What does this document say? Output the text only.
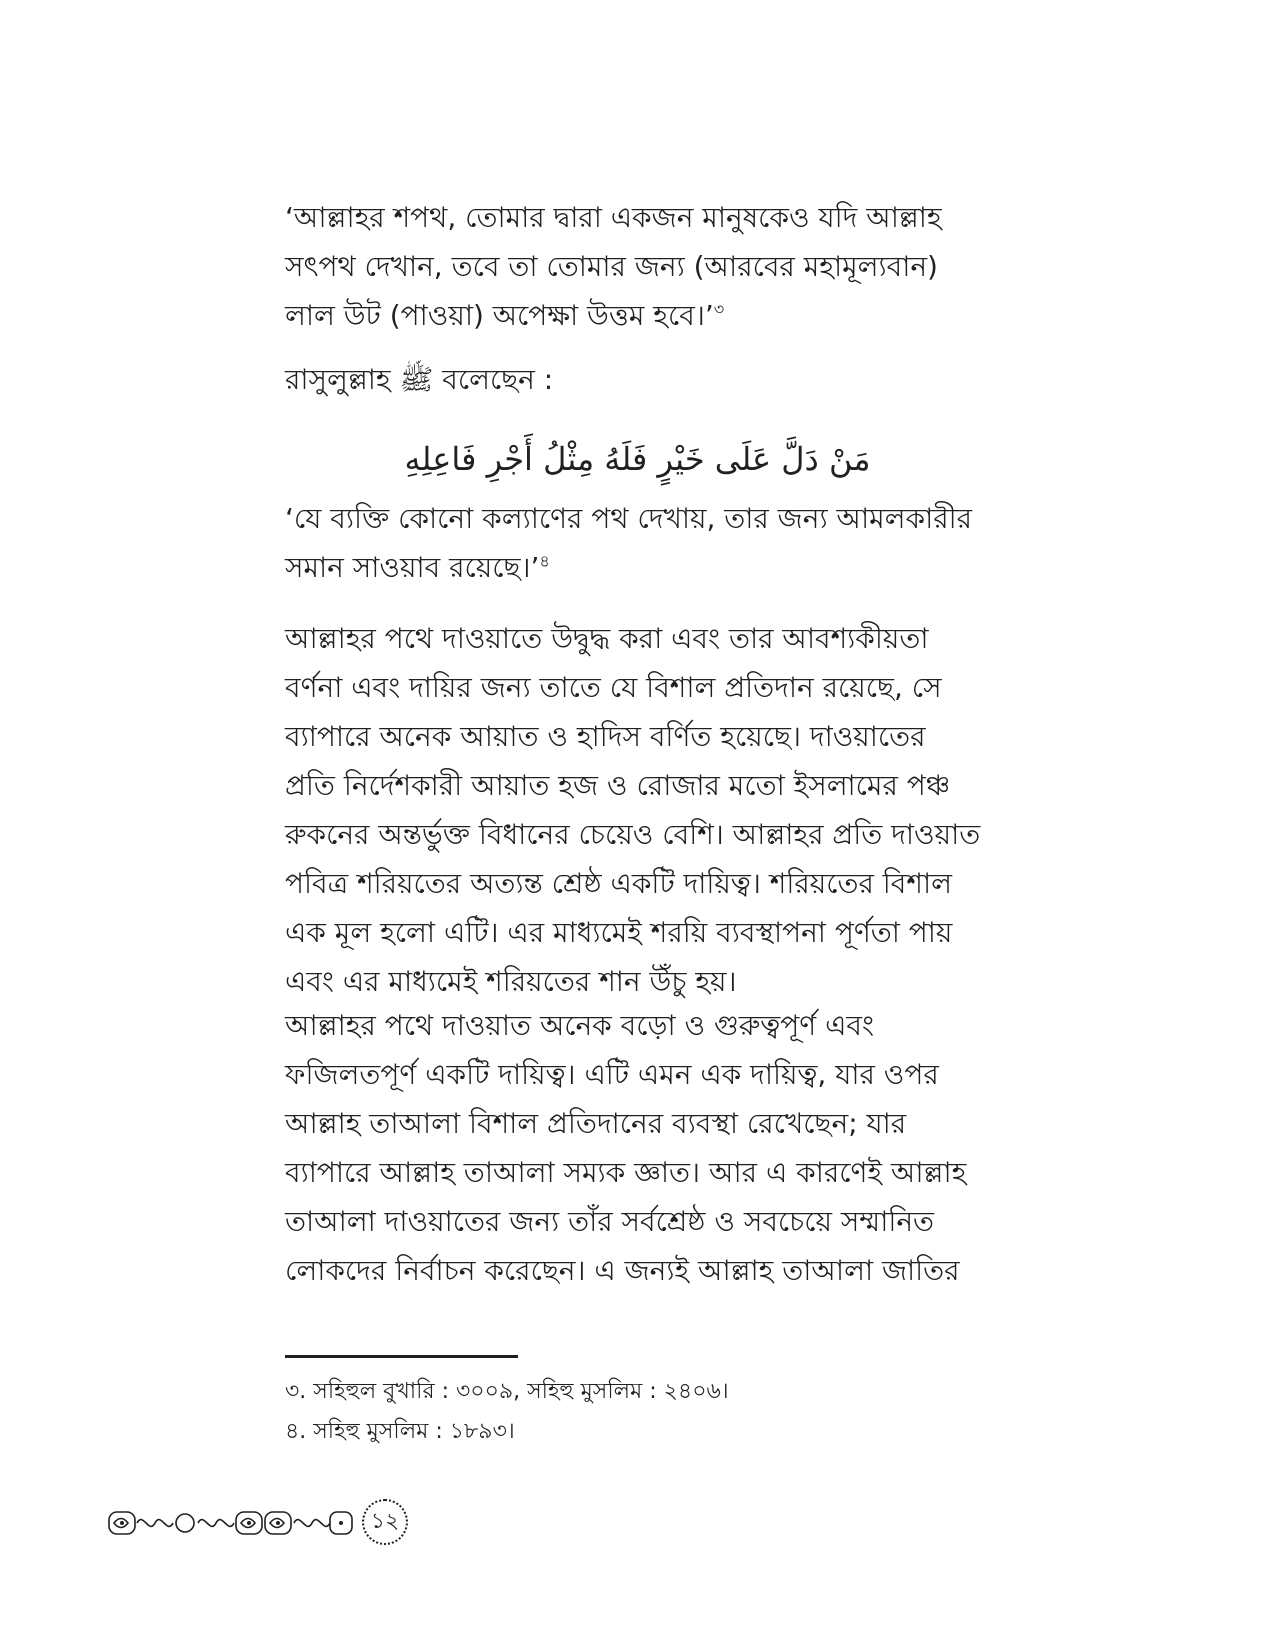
‘আল্লাহর শপথ, তোমার দ্বারা একজন মানুষকেও যদি আল্লাহ
সৎপথ দেখান, তবে তা তোমার জন্য (আরবের মহামূল্যবান)
লাল উট (পাওয়া) অপেক্ষা উত্তম হবে।’$^৩$
রাসুলুল্লাহ ﷺ বলেছেন :
مَنْ دَلَّ عَلَى خَيْرٍ فَلَهُ مِثْلُ أَجْرِ فَاعِلِهِ
‘যে ব্যক্তি কোনো কল্যাণের পথ দেখায়, তার জন্য আমলকারীর
সমান সাওয়াব রয়েছে।’$^৪$
আল্লাহর পথে দাওয়াতে উদ্বুদ্ধ করা এবং তার আবশ্যকীয়তা
বর্ণনা এবং দায়ির জন্য তাতে যে বিশাল প্রতিদান রয়েছে, সে
ব্যাপারে অনেক আয়াত ও হাদিস বর্ণিত হয়েছে। দাওয়াতের
প্রতি নির্দেশকারী আয়াত হজ ও রোজার মতো ইসলামের পঞ্চ
রুকনের অন্তর্ভুক্ত বিধানের চেয়েও বেশি। আল্লাহর প্রতি দাওয়াত
পবিত্র শরিয়তের অত্যন্ত শ্রেষ্ঠ একটি দায়িত্ব। শরিয়তের বিশাল
এক মূল হলো এটি। এর মাধ্যমেই শরয়ি ব্যবস্থাপনা পূর্ণতা পায়
এবং এর মাধ্যমেই শরিয়তের শান উঁচু হয়।
আল্লাহর পথে দাওয়াত অনেক বড়ো ও গুরুত্বপূর্ণ এবং
ফজিলতপূর্ণ একটি দায়িত্ব। এটি এমন এক দায়িত্ব, যার ওপর
আল্লাহ তাআলা বিশাল প্রতিদানের ব্যবস্থা রেখেছেন; যার
ব্যাপারে আল্লাহ তাআলা সম্যক জ্ঞাত। আর এ কারণেই আল্লাহ
তাআলা দাওয়াতের জন্য তাঁর সর্বশ্রেষ্ঠ ও সবচেয়ে সম্মানিত
লোকদের নির্বাচন করেছেন। এ জন্যই আল্লাহ তাআলা জাতির
৩. সহিহুল বুখারি : ৩০০৯, সহিহু মুসলিম : ২৪০৬।
৪. সহিহু মুসলিম : ১৮৯৩।
১২
